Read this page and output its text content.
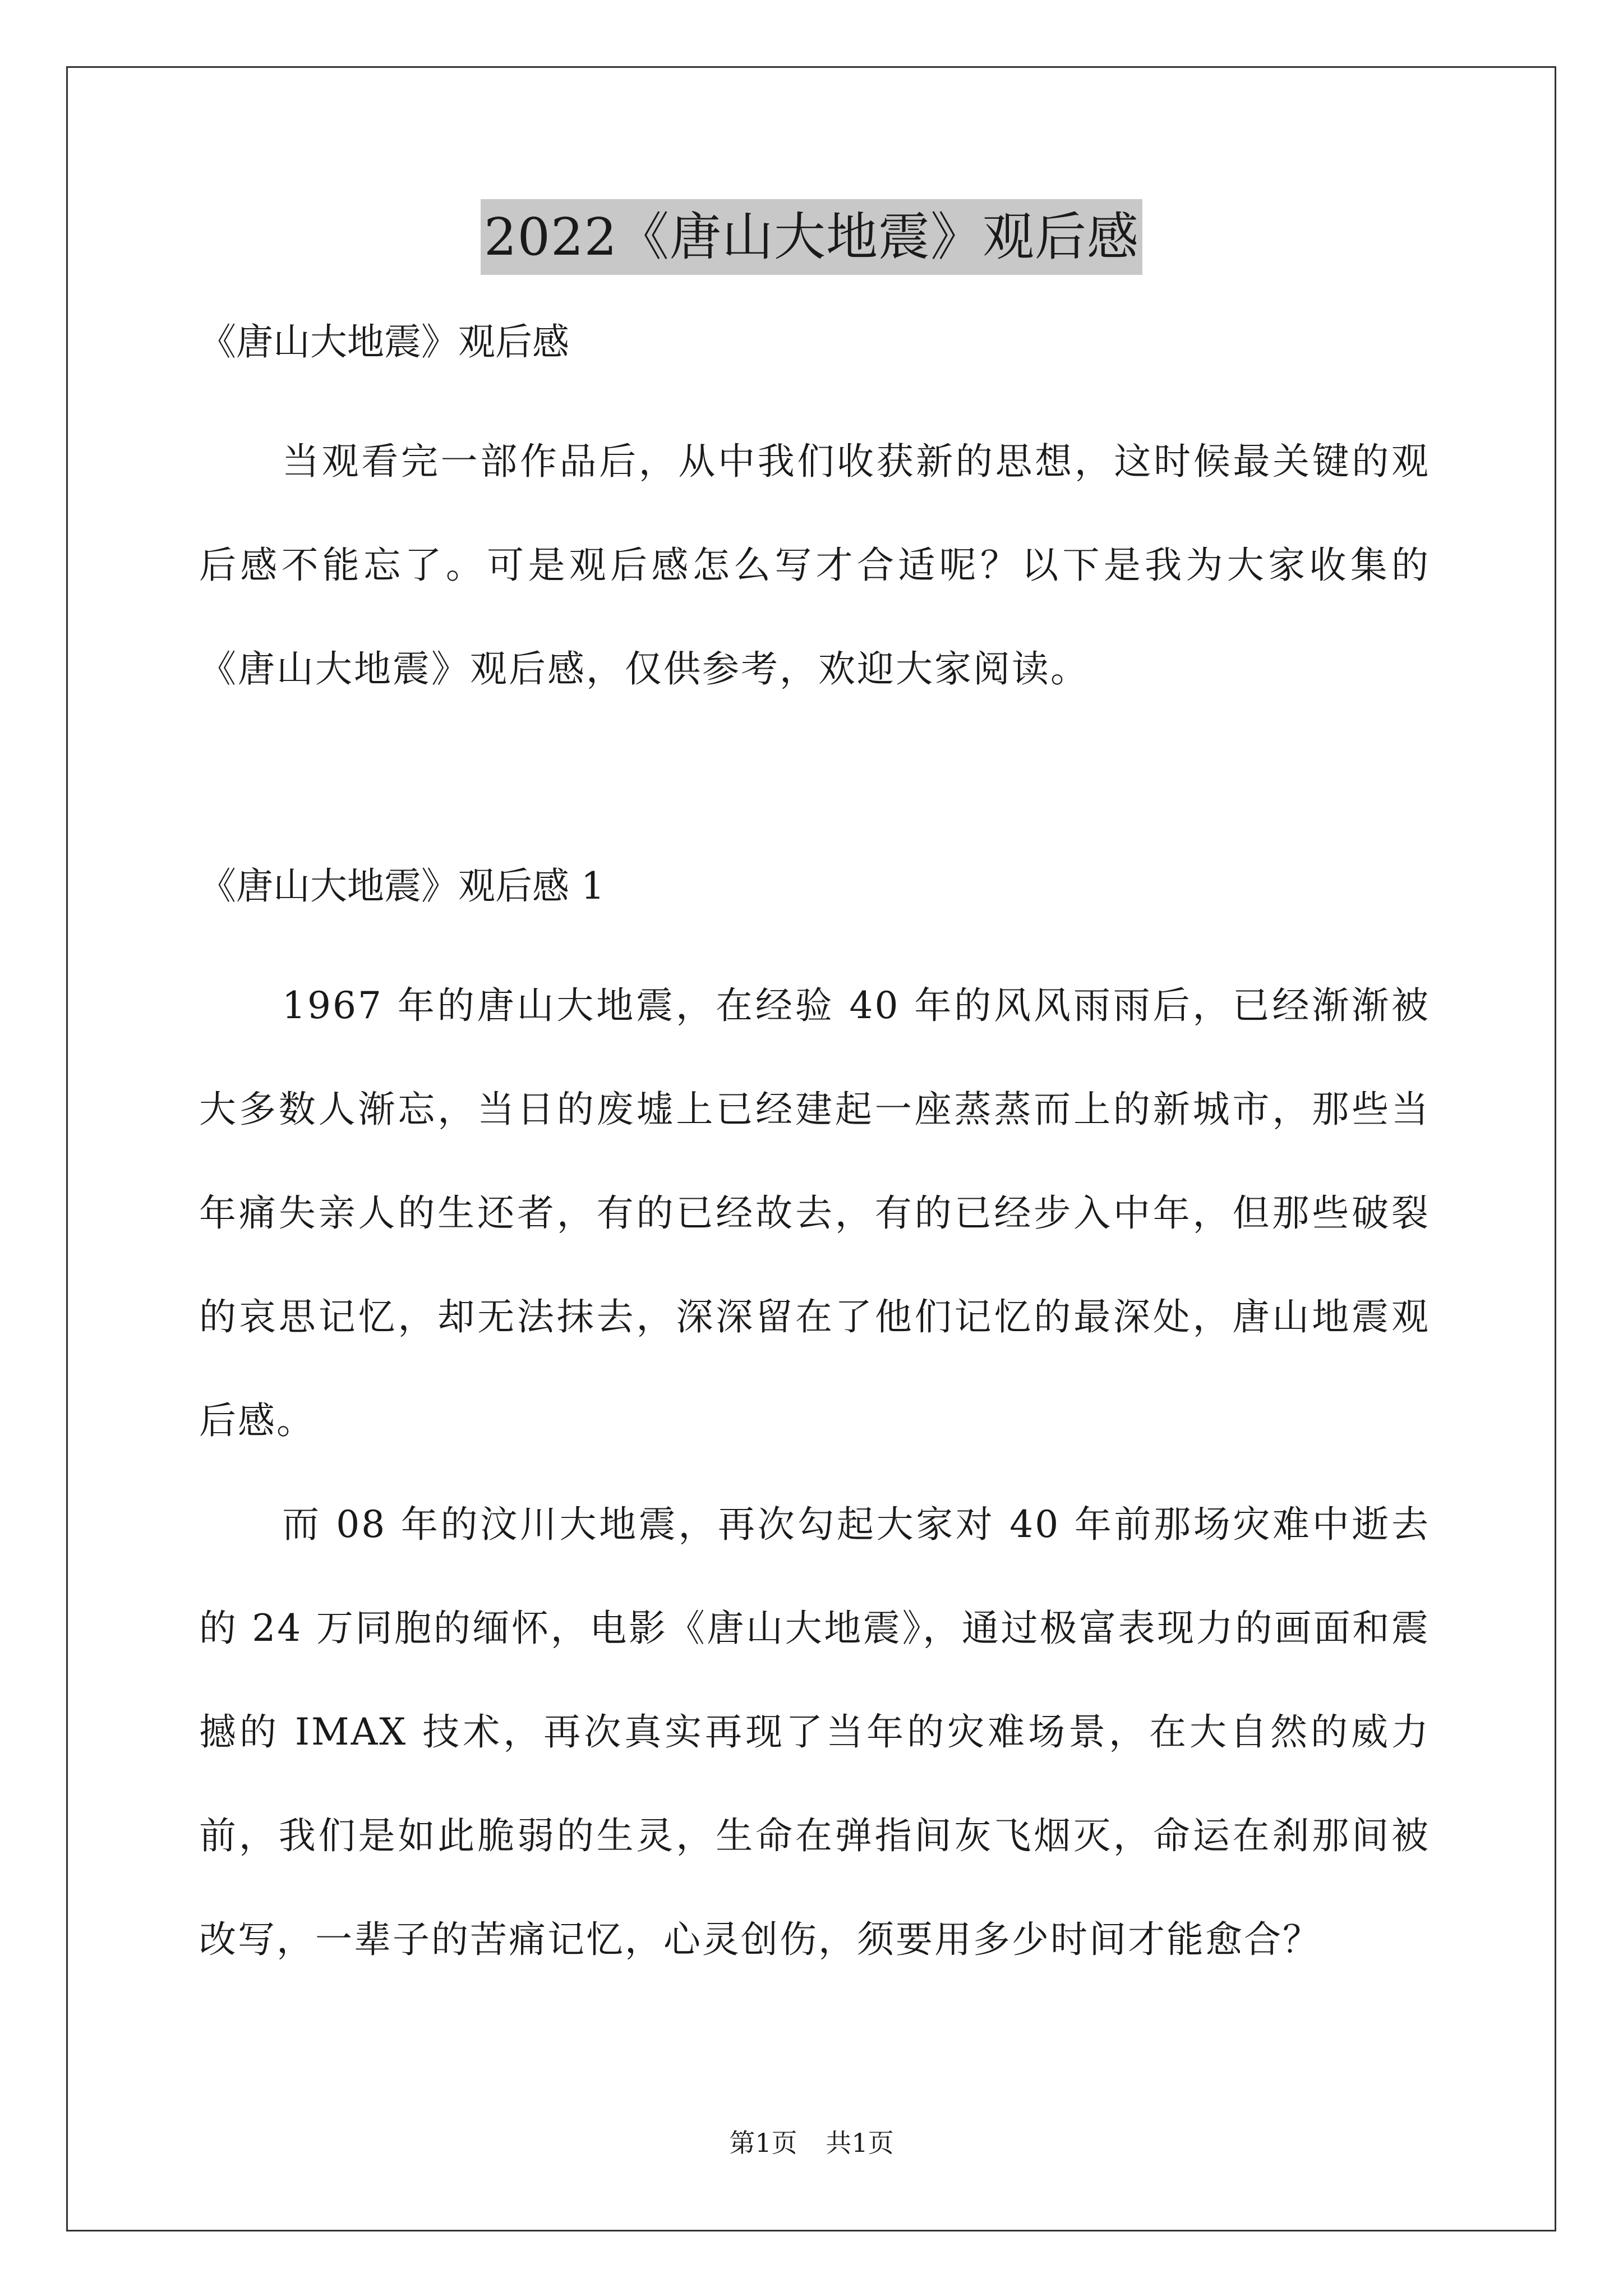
2022《唐山大地震》观后感

《唐山大地震》观后感

当观看完一部作品后，从中我们收获新的思想，这时候最关键的观后感不能忘了。可是观后感怎么写才合适呢？以下是我为大家收集的《唐山大地震》观后感，仅供参考，欢迎大家阅读。

《唐山大地震》观后感 1

1967 年的唐山大地震，在经验 40 年的风风雨雨后，已经渐渐被大多数人渐忘，当日的废墟上已经建起一座蒸蒸而上的新城市，那些当年痛失亲人的生还者，有的已经故去，有的已经步入中年，但那些破裂的哀思记忆，却无法抹去，深深留在了他们记忆的最深处，唐山地震观后感。

而 08 年的汶川大地震，再次勾起大家对 40 年前那场灾难中逝去的 24 万同胞的缅怀，电影《唐山大地震》，通过极富表现力的画面和震撼的 IMAX 技术，再次真实再现了当年的灾难场景，在大自然的威力前，我们是如此脆弱的生灵，生命在弹指间灰飞烟灭，命运在刹那间被改写，一辈子的苦痛记忆，心灵创伤，须要用多少时间才能愈合？

第1页 共1页
